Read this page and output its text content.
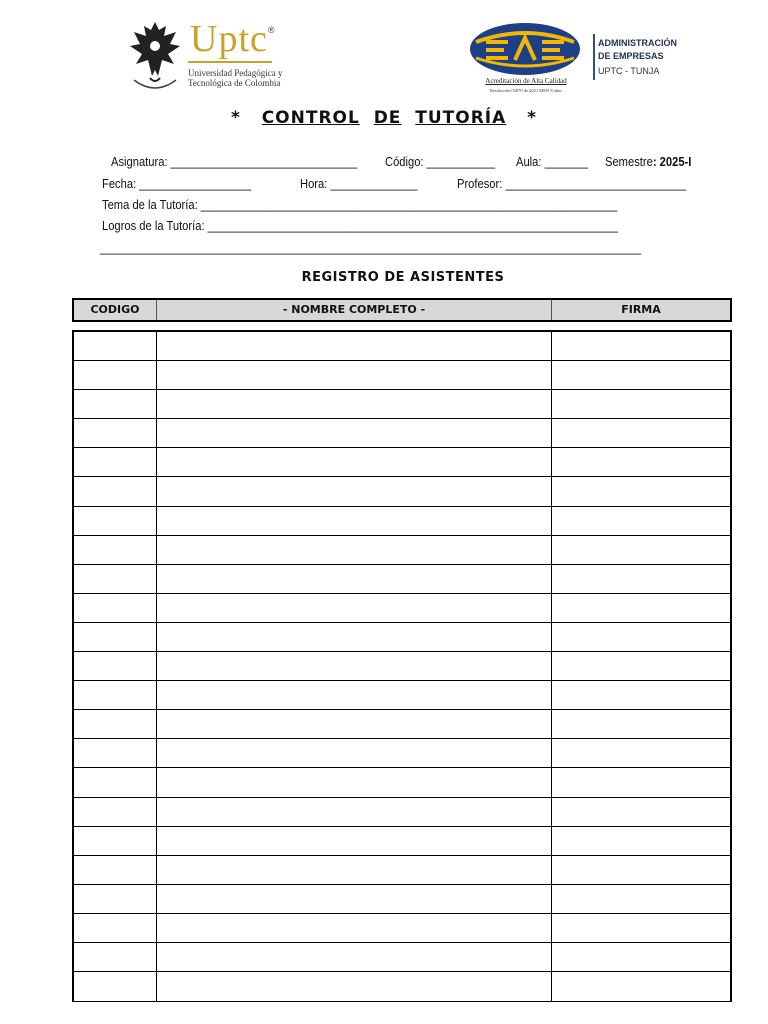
Uptc ®
Universidad Pedagógica y
Tecnológica de Colombia	Acreditación de Alta Calidad
Resolución 03870 de 2021 MEN 8 años
ADMINISTRACIÓN
DE EMPRESAS
UPTC - TUNJA
* CONTROL DE TUTORÍA *
Asignatura: ______________________________ Código: ___________ Aula: _______ Semestre: 2025-I
Fecha: __________________	Hora: ______________	Profesor: _____________________________
Tema de la Tutoría: ___________________________________________________________________
Logros de la Tutoría: __________________________________________________________________
_______________________________________________________________________________________
REGISTRO DE ASISTENTES
CODIGO	- NOMBRE COMPLETO -	FIRMA
